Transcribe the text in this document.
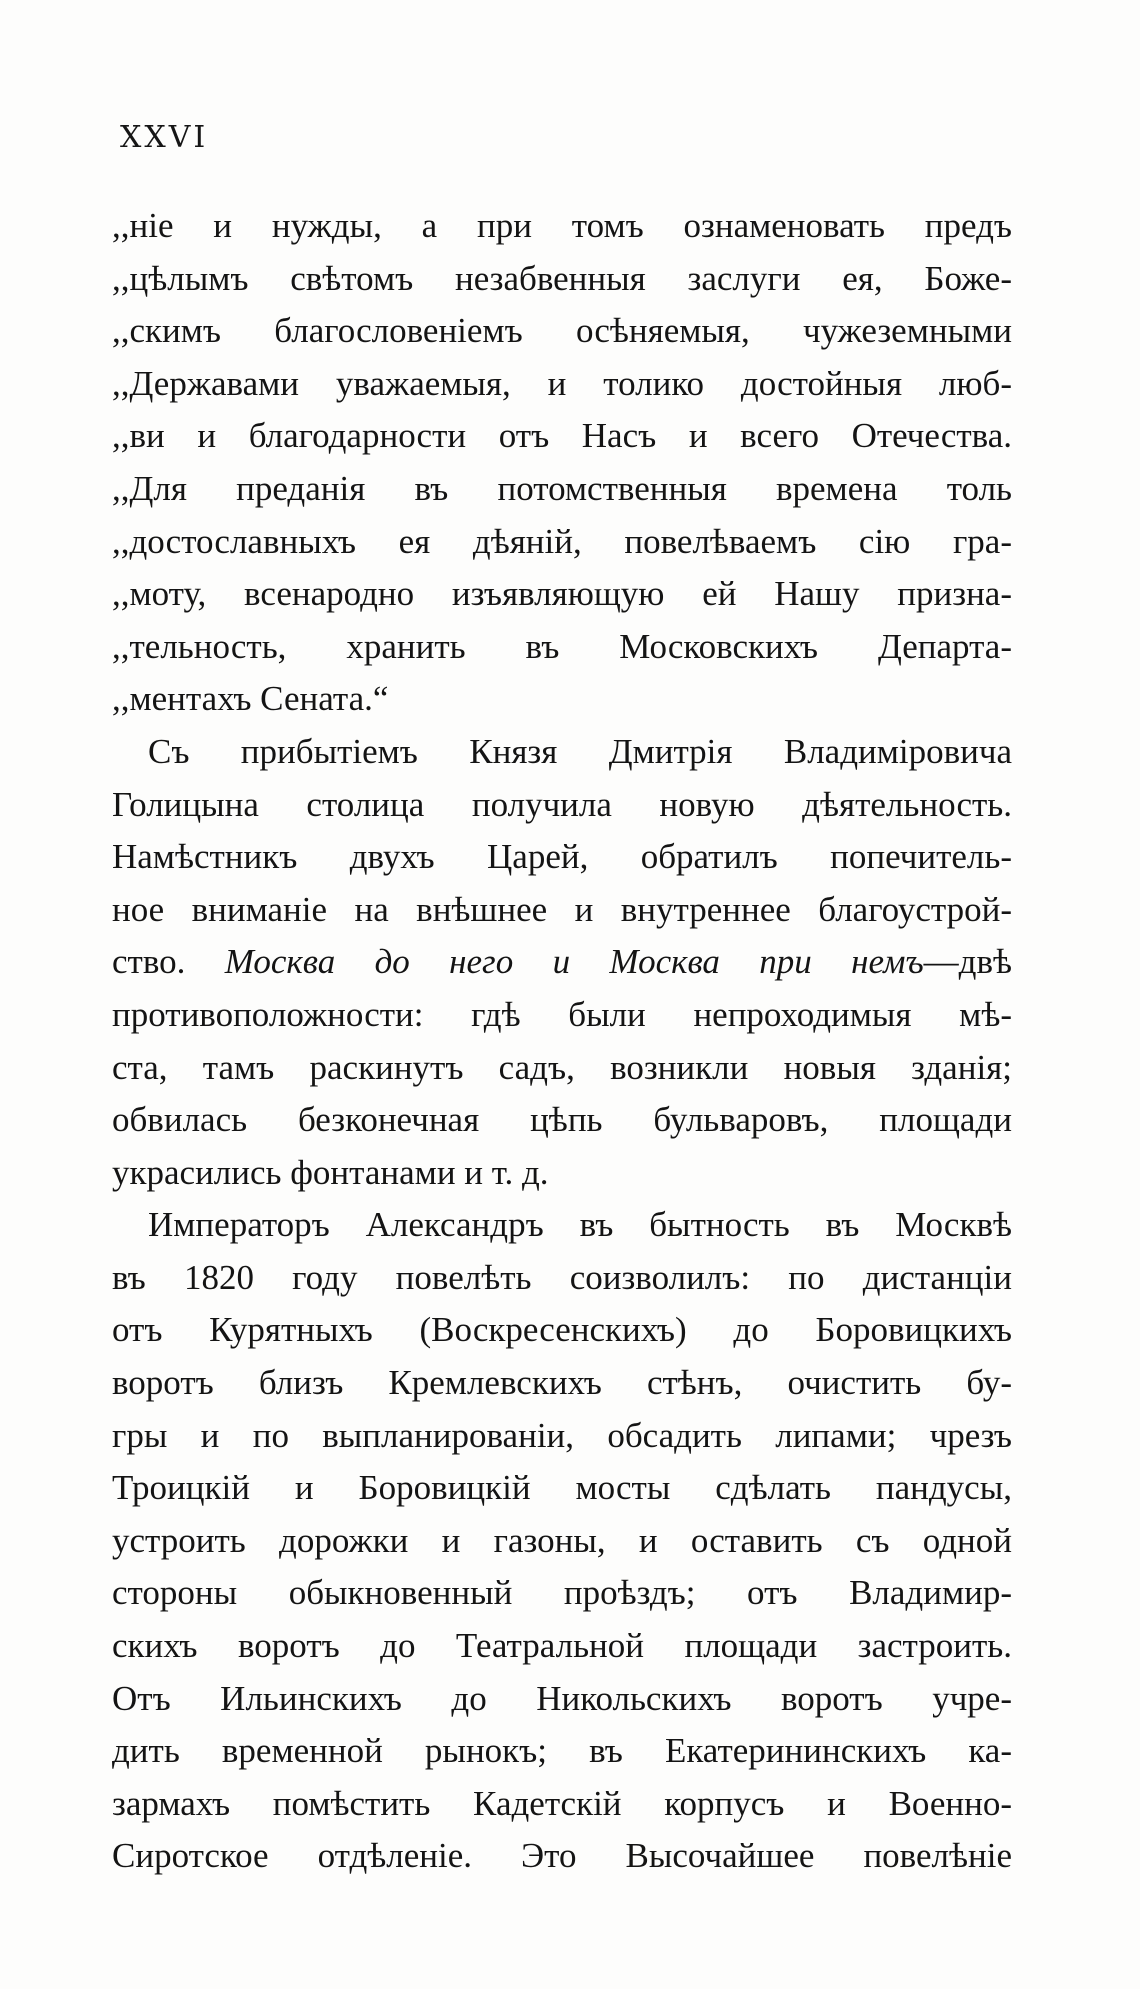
XXVI
,,ніе и нужды, а при томъ ознаменовать предъ
,,цѣлымъ свѣтомъ незабвенныя заслуги ея, Боже-
,,скимъ благословеніемъ осѣняемыя, чужеземными
,,Державами уважаемыя, и толико достойныя люб-
,,ви и благодарности отъ Насъ и всего Отечества.
,,Для преданія въ потомственныя времена толь
,,достославныхъ ея дѣяній, повелѣваемъ сію гра-
,,моту, всенародно изъявляющую ей Нашу призна-
,,тельность, хранить въ Московскихъ Департа-
,,ментахъ Сената.“
Съ прибытіемъ Князя Дмитрія Владиміровича
Голицына столица получила новую дѣятельность.
Намѣстникъ двухъ Царей, обратилъ попечитель-
ное вниманіе на внѣшнее и внутреннее благоустрой-
ство. Москва до него и Москва при немъ—двѣ
противоположности: гдѣ были непроходимыя мѣ-
ста, тамъ раскинутъ садъ, возникли новыя зданія;
обвилась безконечная цѣпь бульваровъ, площади
украсились фонтанами и т. д.
Императоръ Александръ въ бытность въ Москвѣ
въ 1820 году повелѣть соизволилъ: по дистанціи
отъ Курятныхъ (Воскресенскихъ) до Боровицкихъ
воротъ близъ Кремлевскихъ стѣнъ, очистить бу-
гры и по выпланированіи, обсадить липами; чрезъ
Троицкій и Боровицкій мосты сдѣлать пандусы,
устроить дорожки и газоны, и оставить съ одной
стороны обыкновенный проѣздъ; отъ Владимир-
скихъ воротъ до Театральной площади застроить.
Отъ Ильинскихъ до Никольскихъ воротъ учре-
дить временной рынокъ; въ Екатерининскихъ ка-
зармахъ помѣстить Кадетскій корпусъ и Военно-
Сиротское отдѣленіе. Это Высочайшее повелѣніе
